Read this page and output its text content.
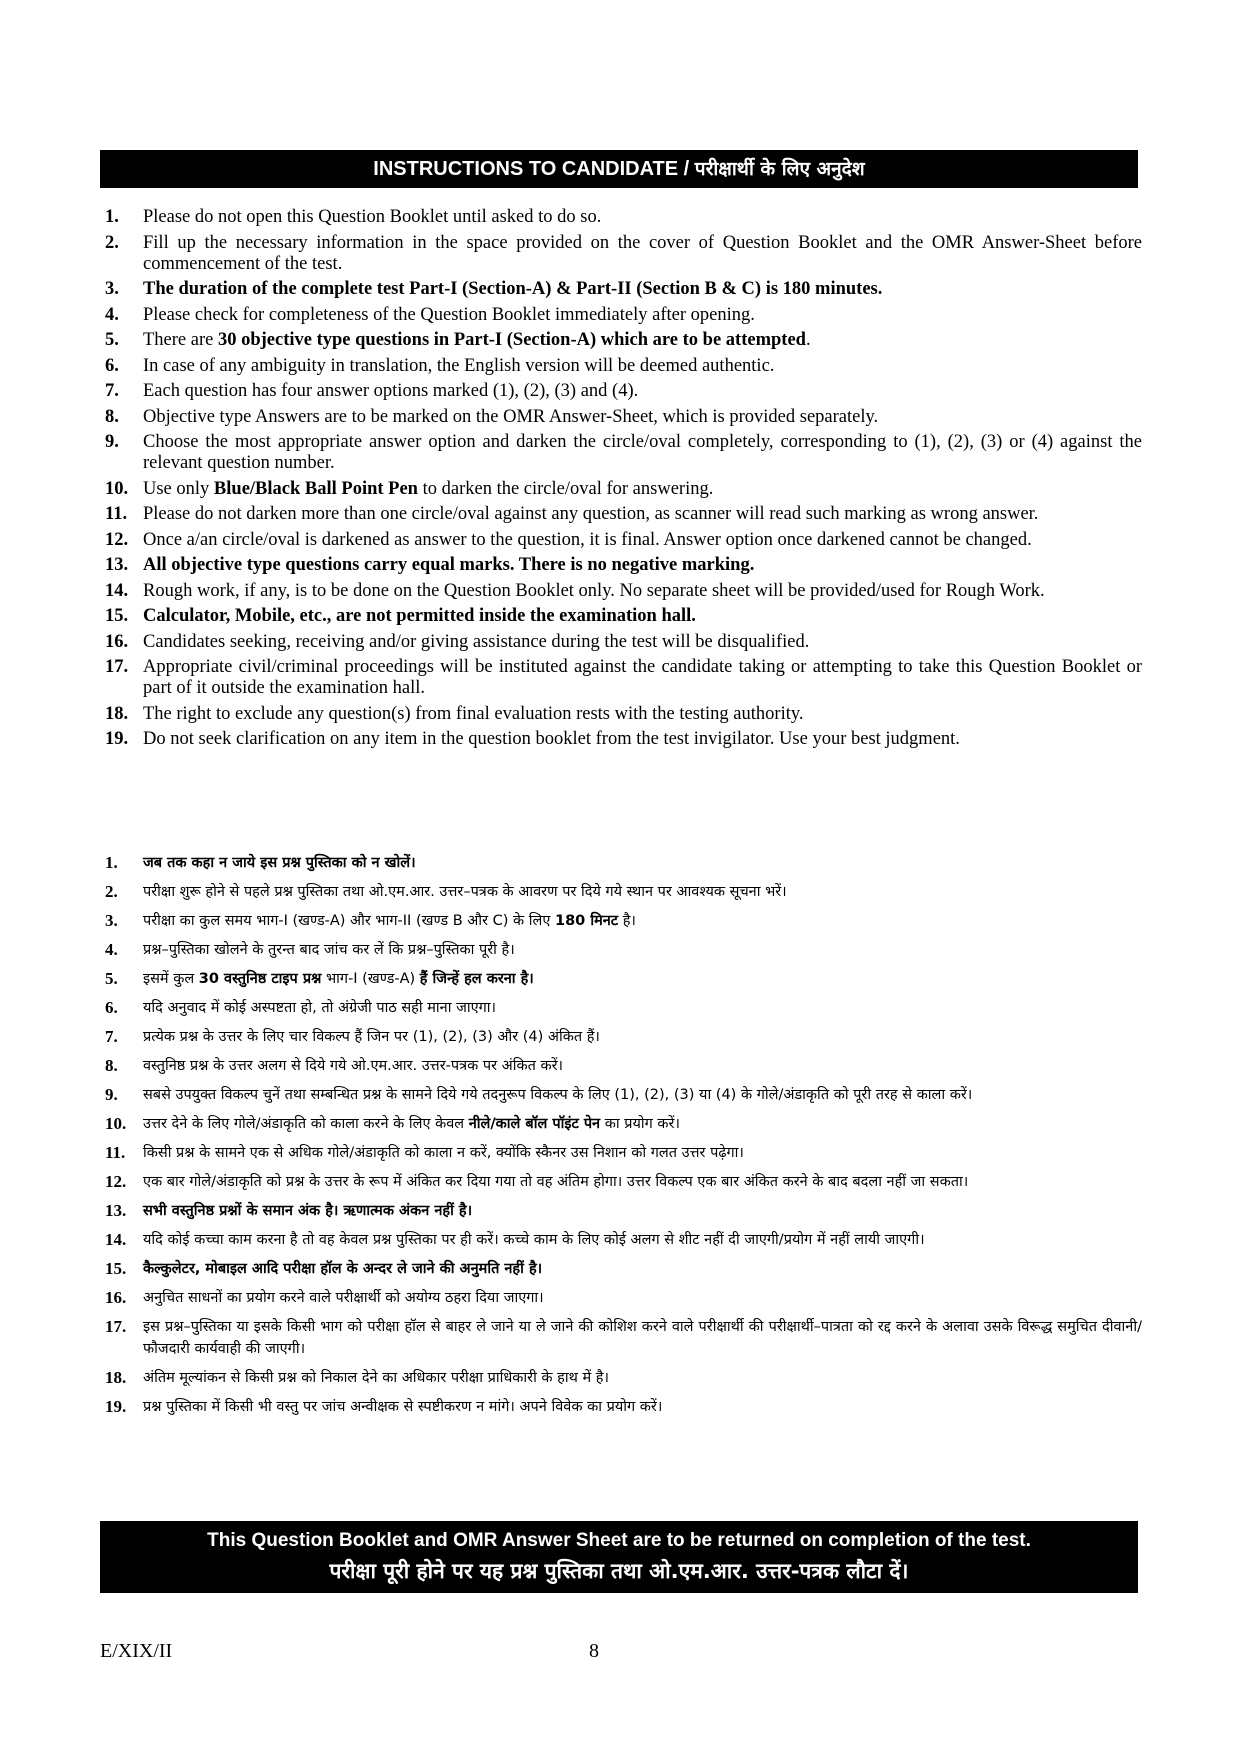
INSTRUCTIONS TO CANDIDATE / परीक्षार्थी के लिए अनुदेश
1. Please do not open this Question Booklet until asked to do so.
2. Fill up the necessary information in the space provided on the cover of Question Booklet and the OMR Answer-Sheet before commencement of the test.
3. The duration of the complete test Part-I (Section-A) & Part-II (Section B & C) is 180 minutes.
4. Please check for completeness of the Question Booklet immediately after opening.
5. There are 30 objective type questions in Part-I (Section-A) which are to be attempted.
6. In case of any ambiguity in translation, the English version will be deemed authentic.
7. Each question has four answer options marked (1), (2), (3) and (4).
8. Objective type Answers are to be marked on the OMR Answer-Sheet, which is provided separately.
9. Choose the most appropriate answer option and darken the circle/oval completely, corresponding to (1), (2), (3) or (4) against the relevant question number.
10. Use only Blue/Black Ball Point Pen to darken the circle/oval for answering.
11. Please do not darken more than one circle/oval against any question, as scanner will read such marking as wrong answer.
12. Once a/an circle/oval is darkened as answer to the question, it is final. Answer option once darkened cannot be changed.
13. All objective type questions carry equal marks. There is no negative marking.
14. Rough work, if any, is to be done on the Question Booklet only. No separate sheet will be provided/used for Rough Work.
15. Calculator, Mobile, etc., are not permitted inside the examination hall.
16. Candidates seeking, receiving and/or giving assistance during the test will be disqualified.
17. Appropriate civil/criminal proceedings will be instituted against the candidate taking or attempting to take this Question Booklet or part of it outside the examination hall.
18. The right to exclude any question(s) from final evaluation rests with the testing authority.
19. Do not seek clarification on any item in the question booklet from the test invigilator. Use your best judgment.
1. जब तक कहा न जाये इस प्रश्न पुस्तिका को न खोलें।
2. परीक्षा शुरू होने से पहले प्रश्न पुस्तिका तथा ओ.एम.आर. उत्तर–पत्रक के आवरण पर दिये गये स्थान पर आवश्यक सूचना भरें।
3. परीक्षा का कुल समय भाग-I (खण्ड-A) और भाग-II (खण्ड B और C) के लिए 180 मिनट है।
4. प्रश्न–पुस्तिका खोलने के तुरन्त बाद जांच कर लें कि प्रश्न–पुस्तिका पूरी है।
5. इसमें कुल 30 वस्तुनिष्ठ टाइप प्रश्न भाग-I (खण्ड-A) हैं जिन्हें हल करना है।
6. यदि अनुवाद में कोई अस्पष्टता हो, तो अंग्रेजी पाठ सही माना जाएगा।
7. प्रत्येक प्रश्न के उत्तर के लिए चार विकल्प हैं जिन पर (1), (2), (3) और (4) अंकित हैं।
8. वस्तुनिष्ठ प्रश्न के उत्तर अलग से दिये गये ओ.एम.आर. उत्तर-पत्रक पर अंकित करें।
9. सबसे उपयुक्त विकल्प चुनें तथा सम्बन्धित प्रश्न के सामने दिये गये तदनुरूप विकल्प के लिए (1), (2), (3) या (4) के गोले/अंडाकृति को पूरी तरह से काला करें।
10. उत्तर देने के लिए गोले/अंडाकृति को काला करने के लिए केवल नीले/काले बॉल पॉइंट पेन का प्रयोग करें।
11. किसी प्रश्न के सामने एक से अधिक गोले/अंडाकृति को काला न करें, क्योंकि स्कैनर उस निशान को गलत उत्तर पढ़ेगा।
12. एक बार गोले/अंडाकृति को प्रश्न के उत्तर के रूप में अंकित कर दिया गया तो वह अंतिम होगा। उत्तर विकल्प एक बार अंकित करने के बाद बदला नहीं जा सकता।
13. सभी वस्तुनिष्ठ प्रश्नों के समान अंक है। ऋणात्मक अंकन नहीं है।
14. यदि कोई कच्चा काम करना है तो वह केवल प्रश्न पुस्तिका पर ही करें। कच्चे काम के लिए कोई अलग से शीट नहीं दी जाएगी/प्रयोग में नहीं लायी जाएगी।
15. कैल्कुलेटर, मोबाइल आदि परीक्षा हॉल के अन्दर ले जाने की अनुमति नहीं है।
16. अनुचित साधनों का प्रयोग करने वाले परीक्षार्थी को अयोग्य ठहरा दिया जाएगा।
17. इस प्रश्न–पुस्तिका या इसके किसी भाग को परीक्षा हॉल से बाहर ले जाने या ले जाने की कोशिश करने वाले परीक्षार्थी की परीक्षार्थी–पात्रता को रद्द करने के अलावा उसके विरूद्ध समुचित दीवानी/फौजदारी कार्यवाही की जाएगी।
18. अंतिम मूल्यांकन से किसी प्रश्न को निकाल देने का अधिकार परीक्षा प्राधिकारी के हाथ में है।
19. प्रश्न पुस्तिका में किसी भी वस्तु पर जांच अन्वीक्षक से स्पष्टीकरण न मांगे। अपने विवेक का प्रयोग करें।
This Question Booklet and OMR Answer Sheet are to be returned on completion of the test.
परीक्षा पूरी होने पर यह प्रश्न पुस्तिका तथा ओ.एम.आर. उत्तर-पत्रक लौटा दें।
E/XIX/II	8
